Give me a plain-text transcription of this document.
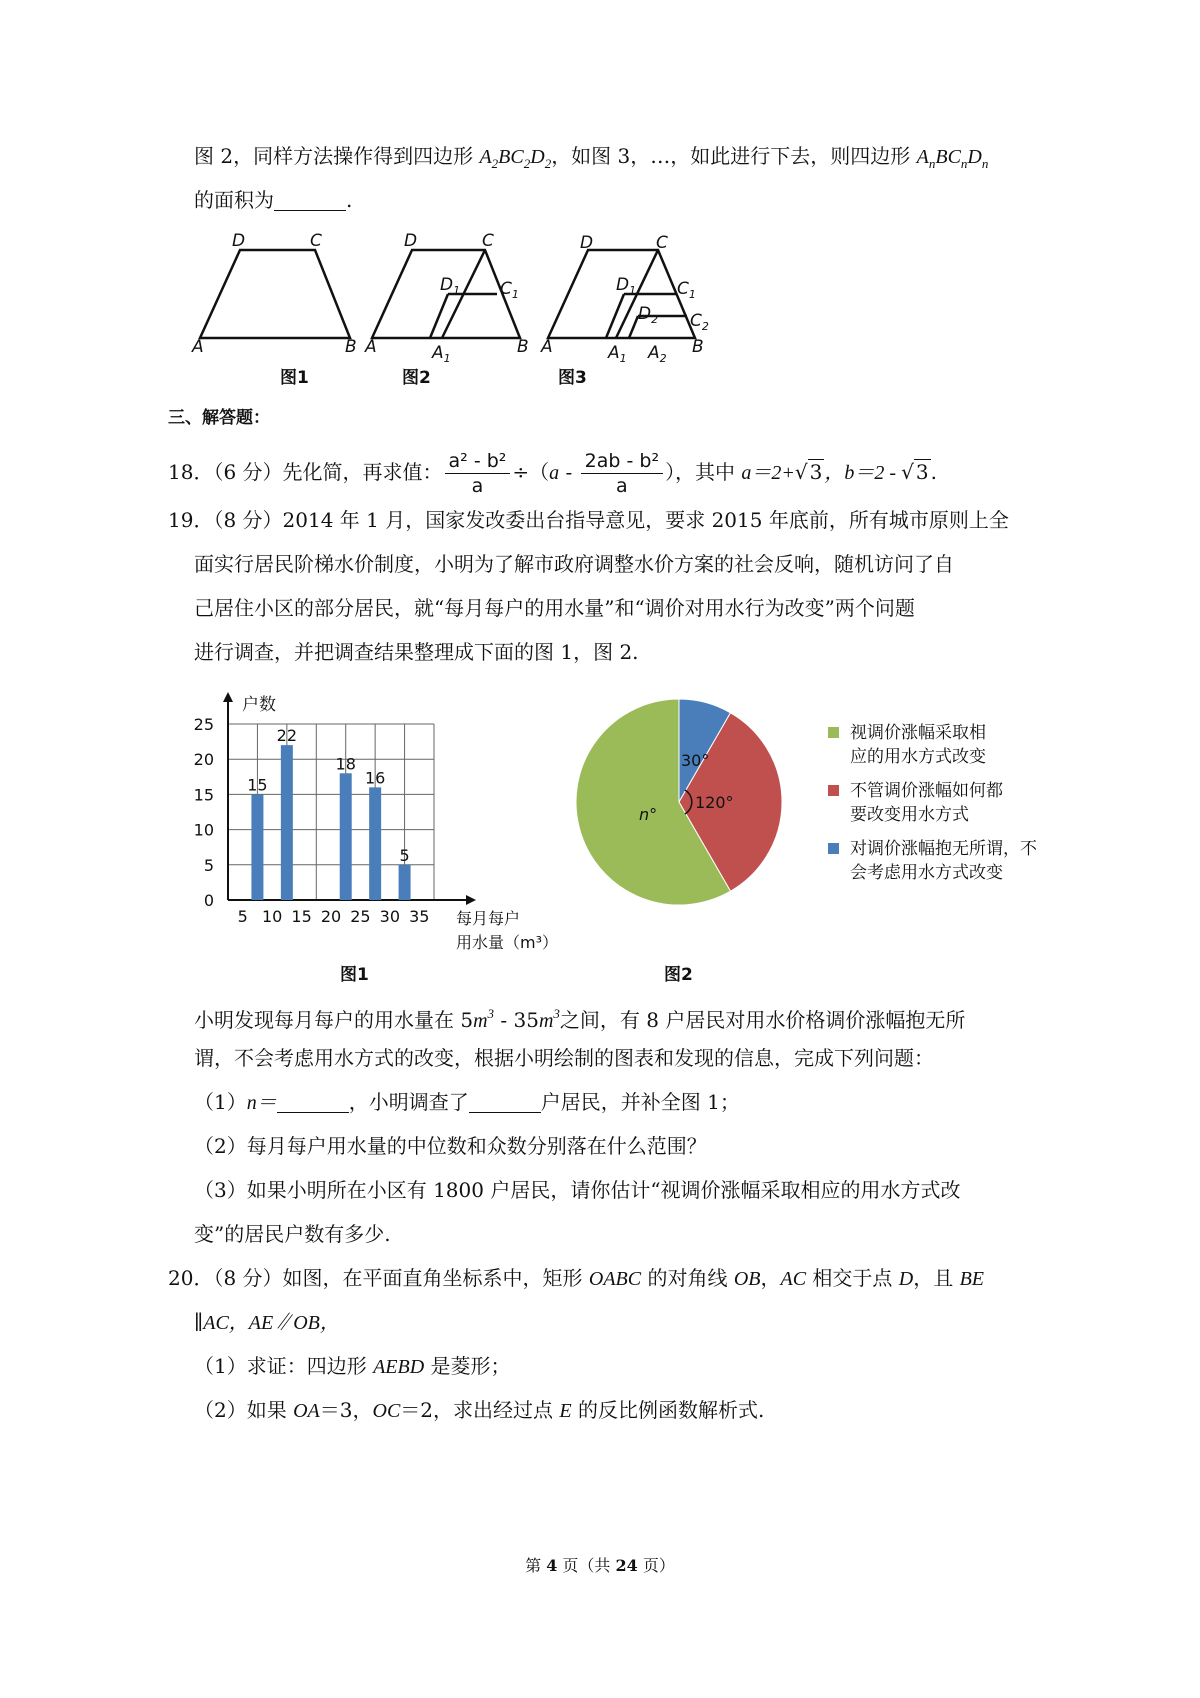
图 2，同样方法操作得到四边形 $A_2BC_2D_2$，如图 3，…，如此进行下去，则四边形 $A_nBC_nD_n$
的面积为	.
D	C
A	B
D	C
A	B
$D_1$ $C_1$
$A_1$
D	C
A	B
$D_1$ $C_1$
$D_2$ $C_2$
$A_1$ $A_2$
图1	图2	图3
三、解答题：
18．（6 分）先化简，再求值： $\frac{\text{a² - b²}}{a} \div(a - \frac{\text{2ab - b²}}{a}$ ），其中 a＝2+√ 3 ，b＝2 - √ 3 .
19．（8 分）2014 年 1 月，国家发改委出台指导意见，要求 2015 年底前，所有城市原则上全
面实行居民阶梯水价制度，小明为了解市政府调整水价方案的社会反响，随机访问了自
己居住小区的部分居民，就“每月每户的用水量”和“调价对用水行为改变”两个问题
进行调查，并把调查结果整理成下面的图 1，图 2.
户数
0
5
10
15
20
25
5 10 15 20 25 30 35 每月每户
用水量（m³）
15
22
18
16
5
图1
30°
120°
n°
视调价涨幅采取相
应的用水方式改变
不管调价涨幅如何都
要改变用水方式
对调价涨幅抱无所谓，不
会考虑用水方式改变
图2
小明发现每月每户的用水量在 $5m^3 - 35m^3$之间，有 8 户居民对用水价格调价涨幅抱无所
谓，不会考虑用水方式的改变，根据小明绘制的图表和发现的信息，完成下列问题：
（1）n＝	，小明调查了	户居民，并补全图 1；
（2）每月每户用水量的中位数和众数分别落在什么范围？
（3）如果小明所在小区有 1800 户居民，请你估计“视调价涨幅采取相应的用水方式改
变”的居民户数有多少.
20．（8 分）如图，在平面直角坐标系中，矩形 OABC 的对角线 OB，AC 相交于点 D，且 BE
∥AC，AE∥OB，
（1）求证：四边形 AEBD 是菱形；
（2）如果 OA＝3，OC＝2，求出经过点 E 的反比例函数解析式.
第 4 页（共 24 页）
